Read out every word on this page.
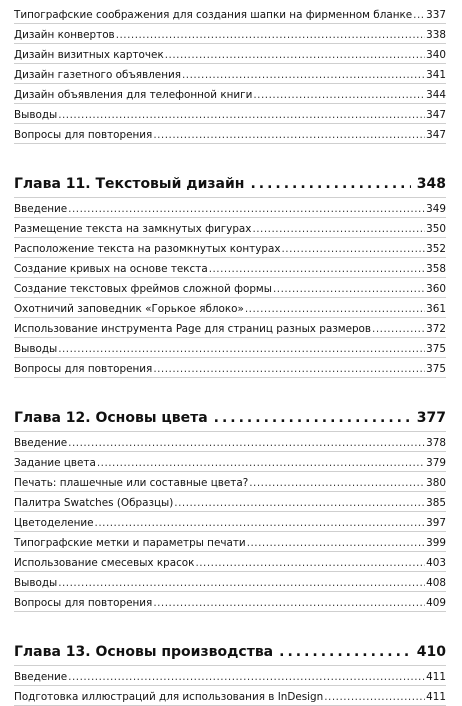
Типографские соображения для создания шапки на фирменном бланке ..... 337
Дизайн конвертов .....	338
Дизайн визитных карточек .....	340
Дизайн газетного объявления .....	341
Дизайн объявления для телефонной книги .....	344
Выводы .....	347
Вопросы для повторения .....	347
Глава 11. Текстовый дизайн .....	348
Введение .....	349
Размещение текста на замкнутых фигурах .....	350
Расположение текста на разомкнутых контурах .....	352
Создание кривых на основе текста .....	358
Создание текстовых фреймов сложной формы .....	360
Охотничий заповедник «Горькое яблоко» .....	361
Использование инструмента Page для страниц разных размеров .....	372
Выводы .....	375
Вопросы для повторения .....	375
Глава 12. Основы цвета .....	377
Введение .....	378
Задание цвета .....	379
Печать: плашечные или составные цвета? .....	380
Палитра Swatches (Образцы) .....	385
Цветоделение .....	397
Типографские метки и параметры печати .....	399
Использование смесевых красок .....	403
Выводы .....	408
Вопросы для повторения .....	409
Глава 13. Основы производства .....	410
Введение .....	411
Подготовка иллюстраций для использования в InDesign .....	411
